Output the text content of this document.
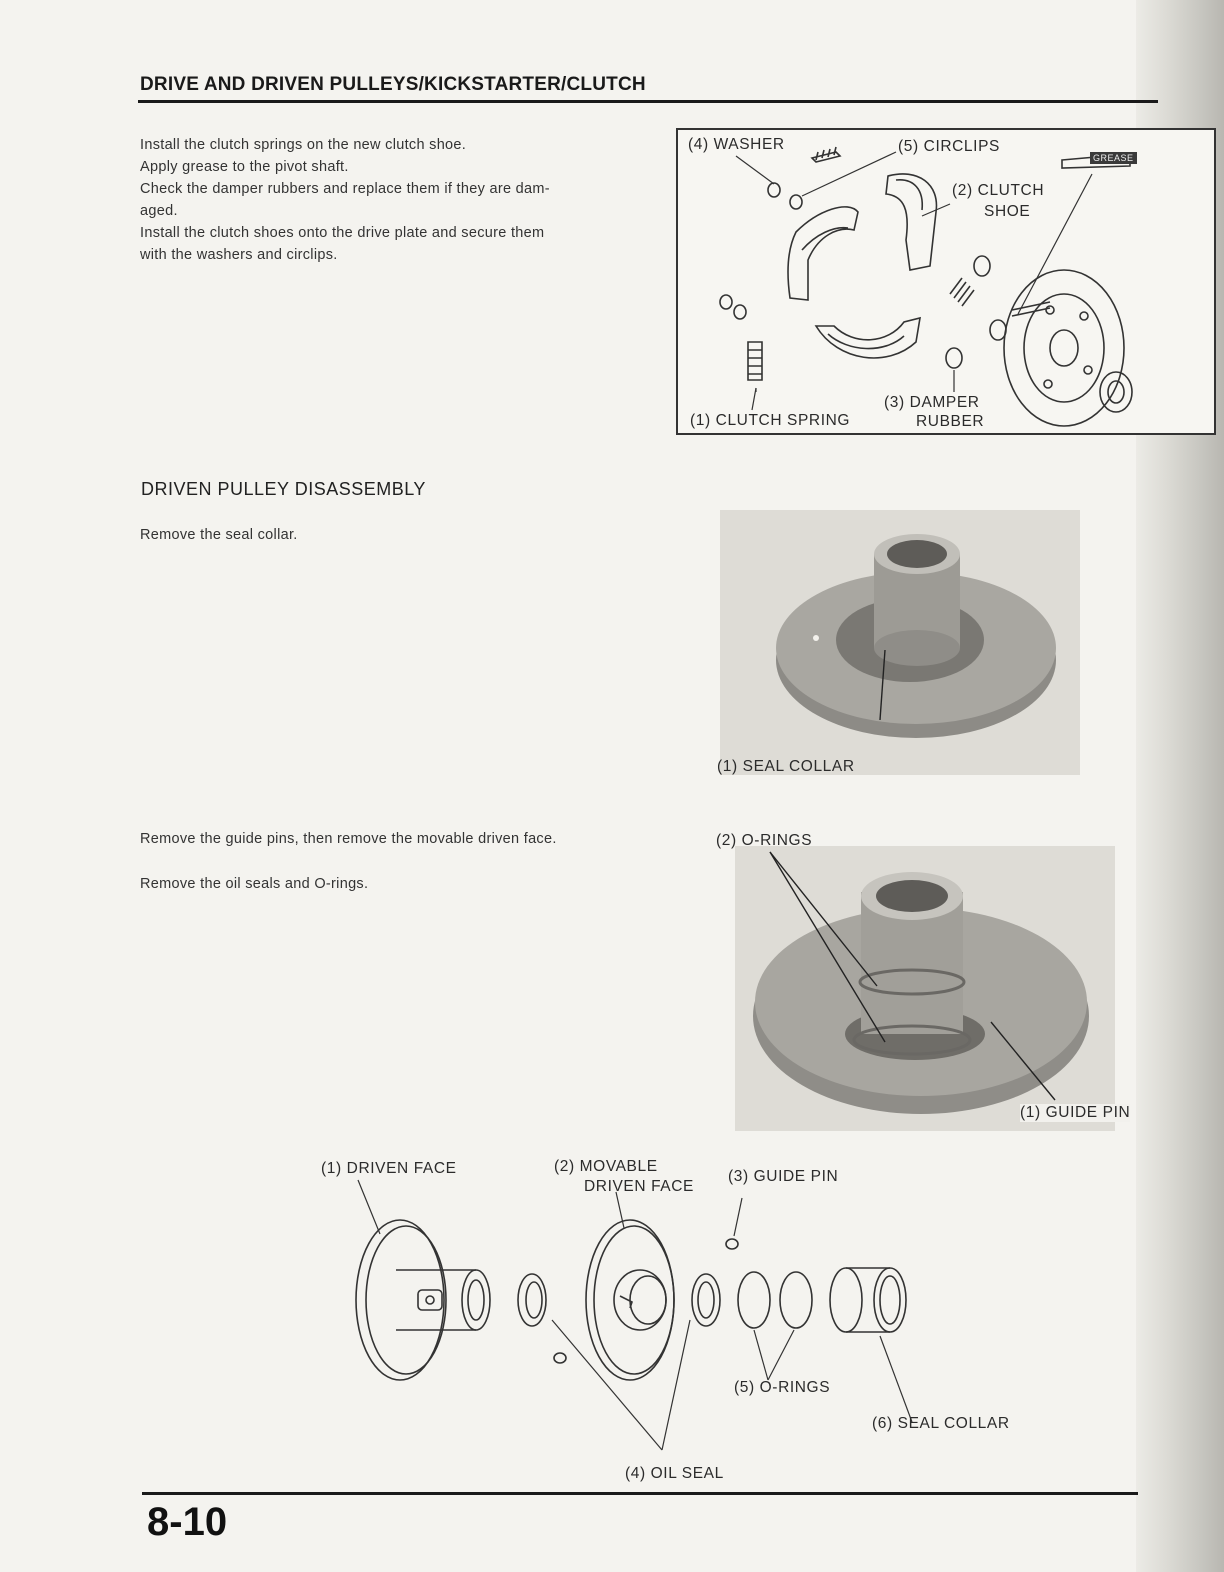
DRIVE AND DRIVEN PULLEYS/KICKSTARTER/CLUTCH
Install the clutch springs on the new clutch shoe.
Apply grease to the pivot shaft.
Check the damper rubbers and replace them if they are dam-
aged.
Install the clutch shoes onto the drive plate and secure them
with the washers and circlips.
(4) WASHER	(5) CIRCLIPS
(2) CLUTCH
SHOE
GREASE
(3) DAMPER
RUBBER
(1) CLUTCH SPRING
DRIVEN PULLEY DISASSEMBLY
Remove the seal collar.
(1) SEAL COLLAR
Remove the guide pins, then remove the movable driven face.
Remove the oil seals and O-rings.
(2) O-RINGS
(1) GUIDE PIN
(1) DRIVEN FACE	(2) MOVABLE
DRIVEN FACE
(3) GUIDE PIN
(5) O-RINGS
(6) SEAL COLLAR
(4) OIL SEAL
8-10
